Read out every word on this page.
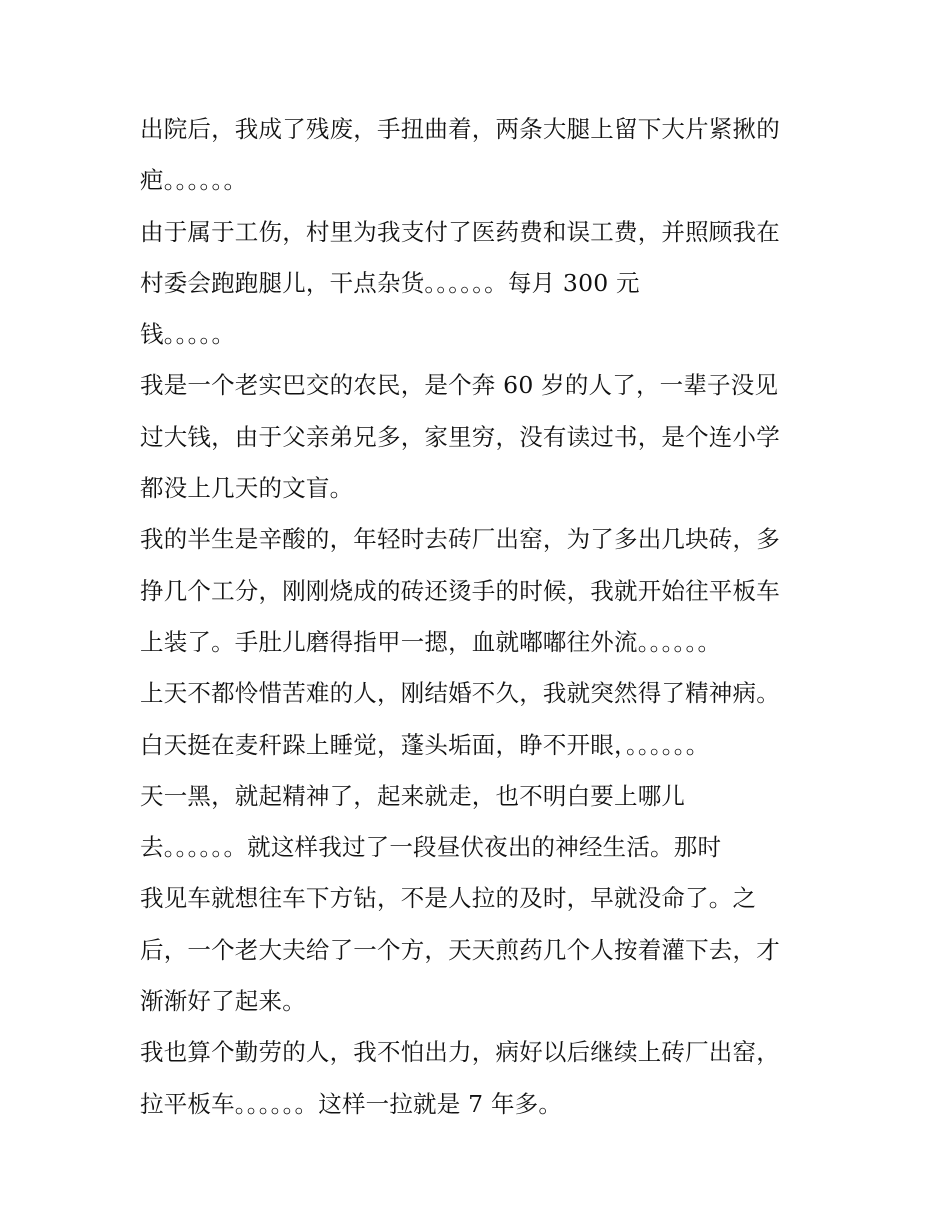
出院后，我成了残废，手扭曲着，两条大腿上留下大片紧揪的
疤。。。。。。
由于属于工伤，村里为我支付了医药费和误工费，并照顾我在
村委会跑跑腿儿，干点杂货。。。。。。每月 300 元
钱。。。。。
我是一个老实巴交的农民，是个奔 60 岁的人了，一辈子没见
过大钱，由于父亲弟兄多，家里穷，没有读过书，是个连小学
都没上几天的文盲。
我的半生是辛酸的，年轻时去砖厂出窑，为了多出几块砖，多
挣几个工分，刚刚烧成的砖还烫手的时候，我就开始往平板车
上装了。手肚儿磨得指甲一摁，血就嘟嘟往外流。。。。。。
上天不都怜惜苦难的人，刚结婚不久，我就突然得了精神病。
白天挺在麦秆跺上睡觉，蓬头垢面，睁不开眼，。。。。。。
天一黑，就起精神了，起来就走，也不明白要上哪儿
去。。。。。。就这样我过了一段昼伏夜出的神经生活。那时
我见车就想往车下方钻，不是人拉的及时，早就没命了。之
后，一个老大夫给了一个方，天天煎药几个人按着灌下去，才
渐渐好了起来。
我也算个勤劳的人，我不怕出力，病好以后继续上砖厂出窑，
拉平板车。。。。。。这样一拉就是 7 年多。
